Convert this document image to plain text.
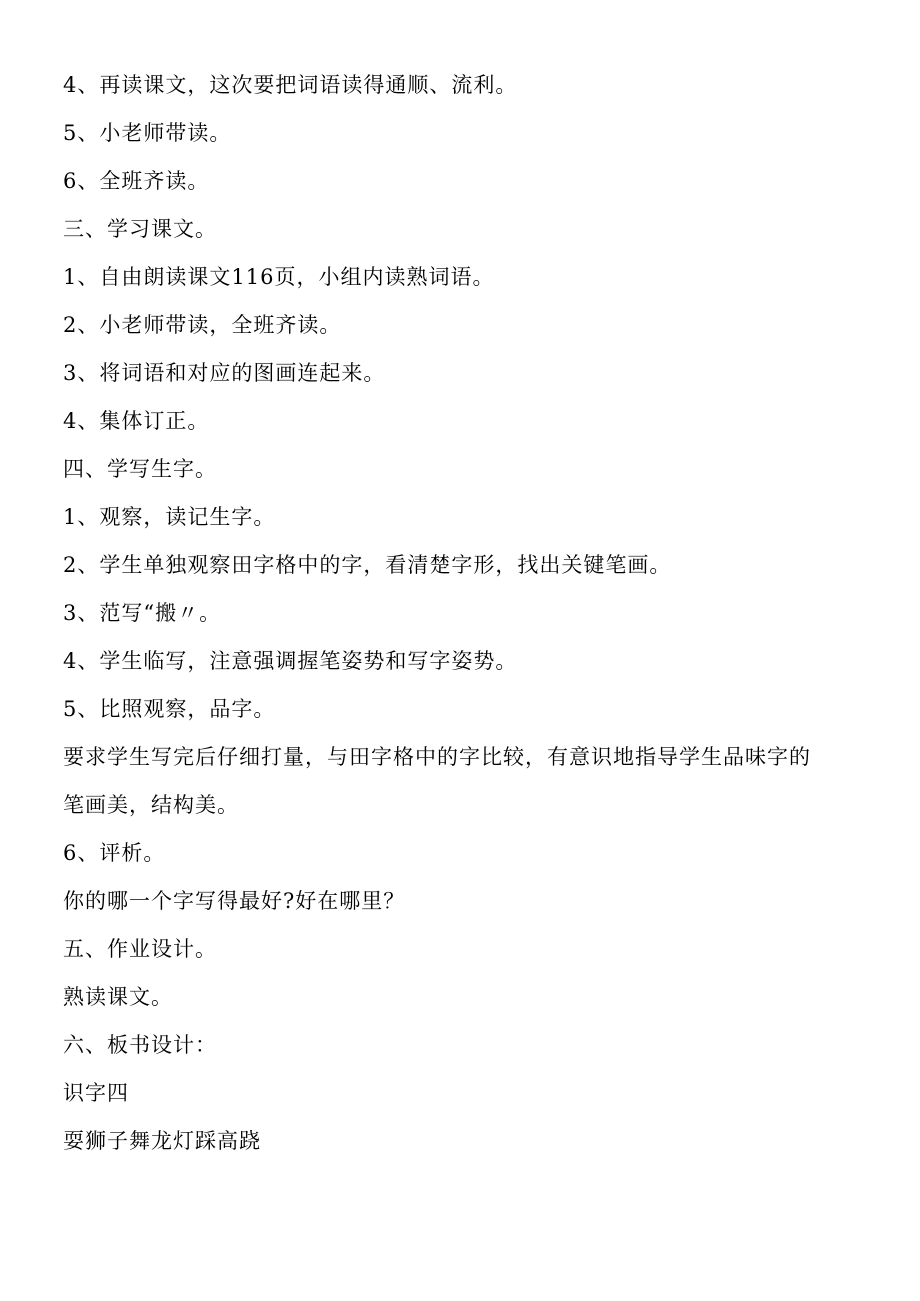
4、再读课文，这次要把词语读得通顺、流利。
5、小老师带读。
6、全班齐读。
三、学习课文。
1、自由朗读课文116页，小组内读熟词语。
2、小老师带读，全班齐读。
3、将词语和对应的图画连起来。
4、集体订正。
四、学写生字。
1、观察，读记生字。
2、学生单独观察田字格中的字，看清楚字形，找出关键笔画。
3、范写“搬〃。
4、学生临写，注意强调握笔姿势和写字姿势。
5、比照观察，品字。
要求学生写完后仔细打量，与田字格中的字比较，有意识地指导学生品味字的
笔画美，结构美。
6、评析。
你的哪一个字写得最好?好在哪里？
五、作业设计。
熟读课文。
六、板书设计：
识字四
耍狮子舞龙灯踩高跷
